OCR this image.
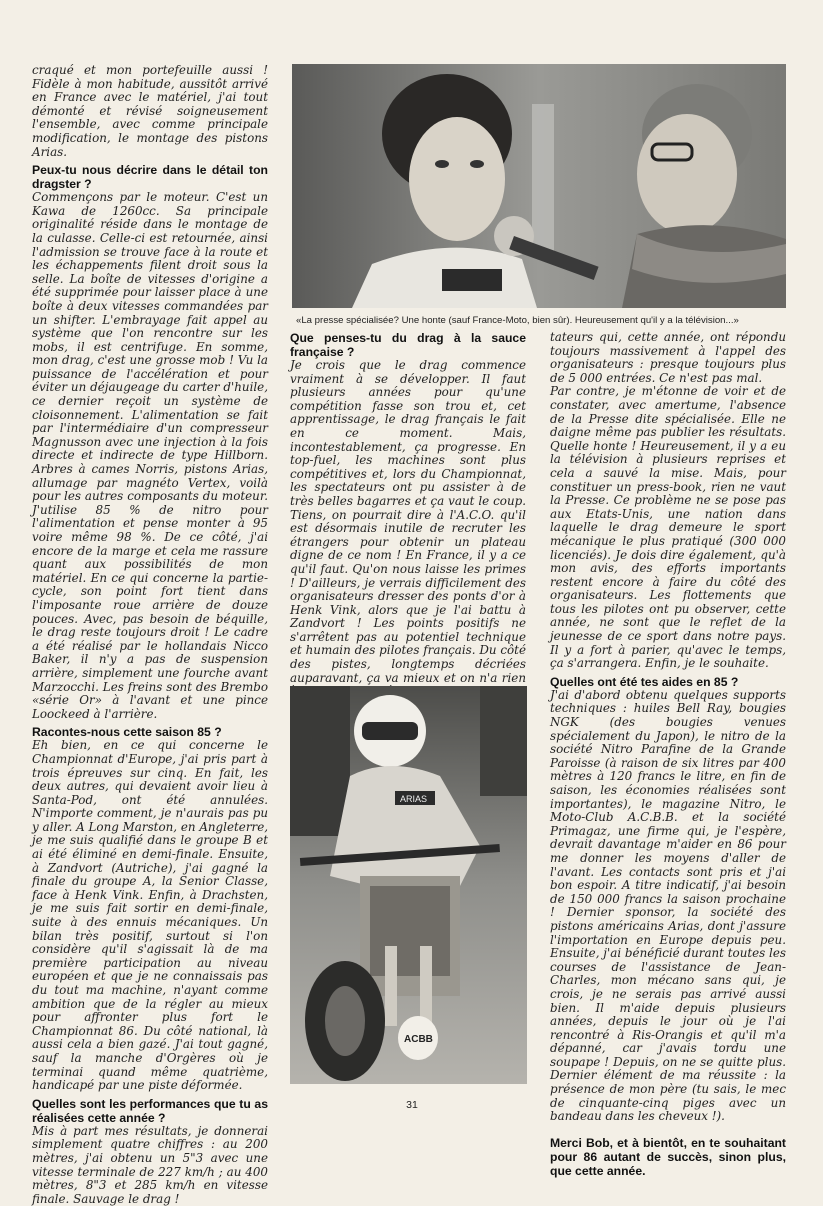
craqué et mon portefeuille aussi ! Fidèle à mon habitude, aussitôt arrivé en France avec le matériel, j'ai tout démonté et révisé soigneusement l'ensemble, avec comme principale modification, le montage des pistons Arias.

Peux-tu nous décrire dans le détail ton dragster ?

Commençons par le moteur. C'est un Kawa de 1260cc. Sa principale originalité réside dans le montage de la culasse. Celle-ci est retournée, ainsi l'admission se trouve face à la route et les échappements filent droit sous la selle. La boîte de vitesses d'origine a été supprimée pour laisser place à une boîte à deux vitesses commandées par un shifter. L'embrayage fait appel au système que l'on rencontre sur les mobs, il est centrifuge. En somme, mon drag, c'est une grosse mob ! Vu la puissance de l'accélération et pour éviter un déjaugeage du carter d'huile, ce dernier reçoit un système de cloisonnement. L'alimentation se fait par l'intermédiaire d'un compresseur Magnusson avec une injection à la fois directe et indirecte de type Hillborn. Arbres à cames Norris, pistons Arias, allumage par magnéto Vertex, voilà pour les autres composants du moteur. J'utilise 85 % de nitro pour l'alimentation et pense monter à 95 voire même 98 %. De ce côté, j'ai encore de la marge et cela me rassure quant aux possibilités de mon matériel. En ce qui concerne la partie-cycle, son point fort tient dans l'imposante roue arrière de douze pouces. Avec, pas besoin de béquille, le drag reste toujours droit ! Le cadre a été réalisé par le hollandais Nicco Baker, il n'y a pas de suspension arrière, simplement une fourche avant Marzocchi. Les freins sont des Brembo «série Or» à l'avant et une pince Loockeed à l'arrière.

Racontes-nous cette saison 85 ?

Eh bien, en ce qui concerne le Championnat d'Europe, j'ai pris part à trois épreuves sur cinq. En fait, les deux autres, qui devaient avoir lieu à Santa-Pod, ont été annulées. N'importe comment, je n'aurais pas pu y aller. A Long Marston, en Angleterre, je me suis qualifié dans le groupe B et ai été éliminé en demi-finale. Ensuite, à Zandvort (Autriche), j'ai gagné la finale du groupe A, la Senior Classe, face à Henk Vink. Enfin, à Drachsten, je me suis fait sortir en demi-finale, suite à des ennuis mécaniques. Un bilan très positif, surtout si l'on considère qu'il s'agissait là de ma première participation au niveau européen et que je ne connaissais pas du tout ma machine, n'ayant comme ambition que de la régler au mieux pour affronter plus fort le Championnat 86. Du côté national, là aussi cela a bien gazé. J'ai tout gagné, sauf la manche d'Orgères où je terminai quand même quatrième, handicapé par une piste déformée.

Quelles sont les performances que tu as réalisées cette année ?

Mis à part mes résultats, je donnerai simplement quatre chiffres : au 200 mètres, j'ai obtenu un 5"3 avec une vitesse terminale de 227 km/h ; au 400 mètres, 8"3 et 285 km/h en vitesse finale. Sauvage le drag !

«La presse spécialisée? Une honte (sauf France-Moto, bien sûr). Heureusement qu'il y a la télévision...»
Que penses-tu du drag à la sauce française ?

Je crois que le drag commence vraiment à se développer. Il faut plusieurs années pour qu'une compétition fasse son trou et, cet apprentissage, le drag français le fait en ce moment. Mais, incontestablement, ça progresse. En top-fuel, les machines sont plus compétitives et, lors du Championnat, les spectateurs ont pu assister à de très belles bagarres et ça vaut le coup. Tiens, on pourrait dire à l'A.C.O. qu'il est désormais inutile de recruter les étrangers pour obtenir un plateau digne de ce nom ! En France, il y a ce qu'il faut. Qu'on nous laisse les primes ! D'ailleurs, je verrais difficilement des organisateurs dresser des ponts d'or à Henk Vink, alors que je l'ai battu à Zandvort ! Les points positifs ne s'arrêtent pas au potentiel technique et humain des pilotes français. Du côté des pistes, longtemps décriées auparavant, ça va mieux et on n'a rien

ARIAS
ACBB

tateurs qui, cette année, ont répondu toujours massivement à l'appel des organisateurs : presque toujours plus de 5 000 entrées. Ce n'est pas mal.

Par contre, je m'étonne de voir et de constater, avec amertume, l'absence de la Presse dite spécialisée. Elle ne daigne même pas publier les résultats. Quelle honte ! Heureusement, il y a eu la télévision à plusieurs reprises et cela a sauvé la mise. Mais, pour constituer un press-book, rien ne vaut la Presse. Ce problème ne se pose pas aux Etats-Unis, une nation dans laquelle le drag demeure le sport mécanique le plus pratiqué (300 000 licenciés). Je dois dire également, qu'à mon avis, des efforts importants restent encore à faire du côté des organisateurs. Les flottements que tous les pilotes ont pu observer, cette année, ne sont que le reflet de la jeunesse de ce sport dans notre pays. Il y a fort à parier, qu'avec le temps, ça s'arrangera. Enfin, je le souhaite.

Quelles ont été tes aides en 85 ?

J'ai d'abord obtenu quelques supports techniques : huiles Bell Ray, bougies NGK (des bougies venues spécialement du Japon), le nitro de la société Nitro Parafine de la Grande Paroisse (à raison de six litres par 400 mètres à 120 francs le litre, en fin de saison, les économies réalisées sont importantes), le magazine Nitro, le Moto-Club A.C.B.B. et la société Primagaz, une firme qui, je l'espère, devrait davantage m'aider en 86 pour me donner les moyens d'aller de l'avant. Les contacts sont pris et j'ai bon espoir. A titre indicatif, j'ai besoin de 150 000 francs la saison prochaine ! Dernier sponsor, la société des pistons américains Arias, dont j'assure l'importation en Europe depuis peu. Ensuite, j'ai bénéficié durant toutes les courses de l'assistance de Jean-Charles, mon mécano sans qui, je crois, je ne serais pas arrivé aussi bien. Il m'aide depuis plusieurs années, depuis le jour où je l'ai rencontré à Ris-Orangis et qu'il m'a dépanné, car j'avais tordu une soupape ! Depuis, on ne se quitte plus. Dernier élément de ma réussite : la présence de mon père (tu sais, le mec de cinquante-cinq piges avec un bandeau dans les cheveux !).

Merci Bob, et à bientôt, en te souhaitant pour 86 autant de succès, sinon plus, que cette année.
31
